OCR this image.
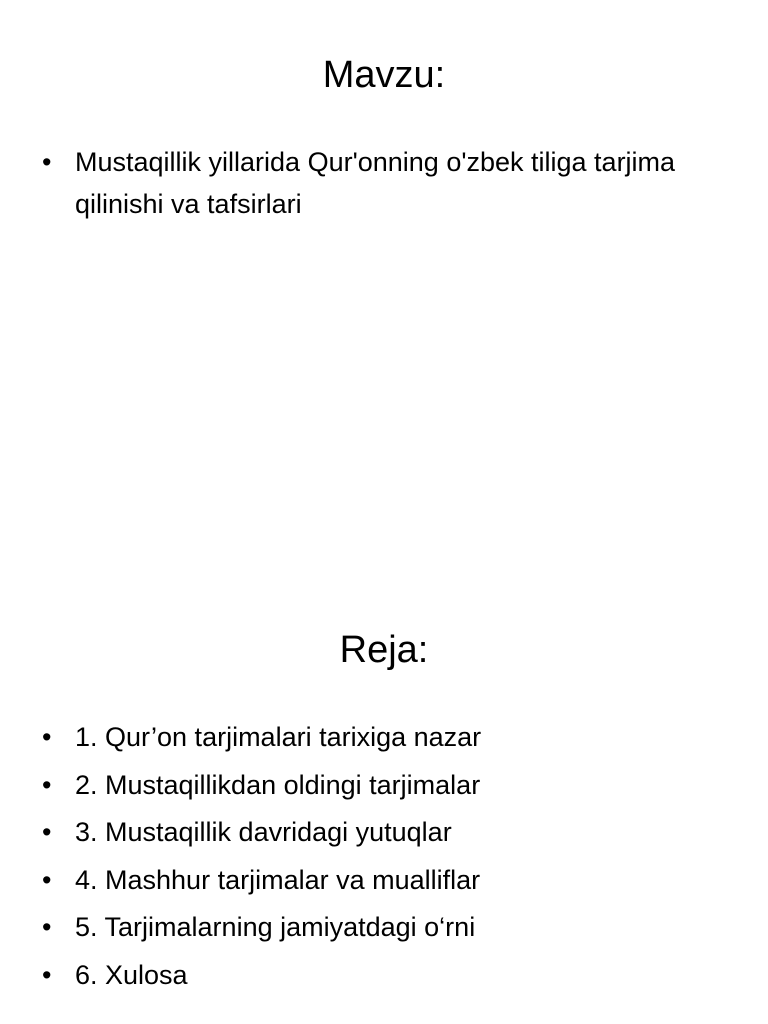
Mavzu:
• Mustaqillik yillarida Qur'onning o'zbek tiliga tarjima qilinishi va tafsirlari
Reja:
• 1. Qur’on tarjimalari tarixiga nazar
• 2. Mustaqillikdan oldingi tarjimalar
• 3. Mustaqillik davridagi yutuqlar
• 4. Mashhur tarjimalar va mualliflar
• 5. Tarjimalarning jamiyatdagi o‘rni
• 6. Xulosa
